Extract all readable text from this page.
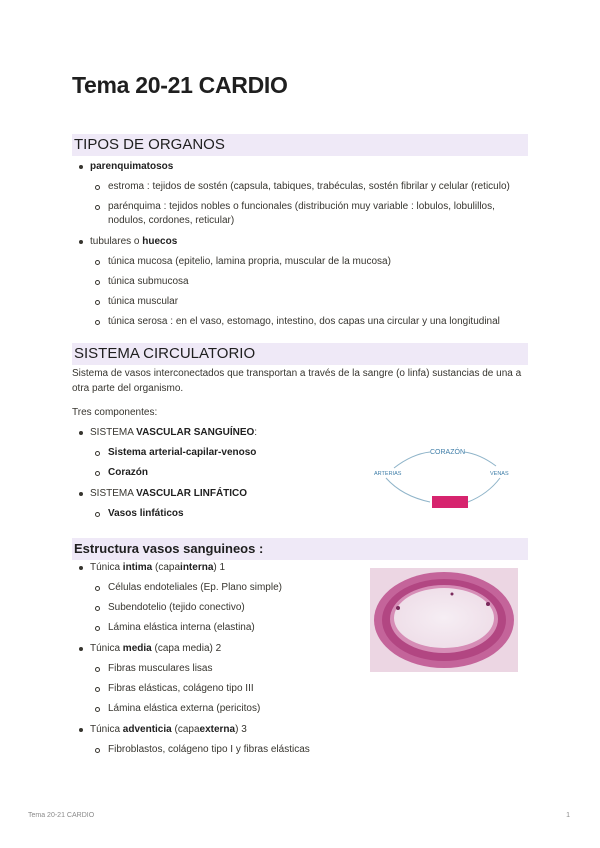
Tema 20-21 CARDIO
TIPOS DE ORGANOS
parenquimatosos
estroma : tejidos de sostén (capsula, tabiques, trabéculas, sostén fibrilar y celular (reticulo)
parénquima : tejidos nobles o funcionales (distribución muy variable : lobulos, lobulillos, nodulos, cordones, reticular)
tubulares o huecos
túnica mucosa (epitelio, lamina propria, muscular de la mucosa)
túnica submucosa
túnica muscular
túnica serosa : en el vaso, estomago, intestino, dos capas una circular y una longitudinal
SISTEMA CIRCULATORIO

Sistema de vasos interconectados que transportan a través de la sangre (o linfa) sustancias de una a otra parte del organismo.

Tres componentes:

SISTEMA VASCULAR SANGUÍNEO:
Sistema arterial-capilar-venoso
Corazón
SISTEMA VASCULAR LINFÁTICO
Vasos linfáticos
CORAZÓN
ARTERIAS	VENAS
Estructura vasos sanguineos :
Túnica intima (capainterna) 1
Células endoteliales (Ep. Plano simple)
Subendotelio (tejido conectivo)
Lámina elástica interna (elastina)
Túnica media (capa media) 2
Fibras musculares lisas
Fibras elásticas, colágeno tipo III
Lámina elástica externa (pericitos)
Túnica adventicia (capaexterna) 3
Fibroblastos, colágeno tipo I y fibras elásticas
Tema 20-21 CARDIO	1
